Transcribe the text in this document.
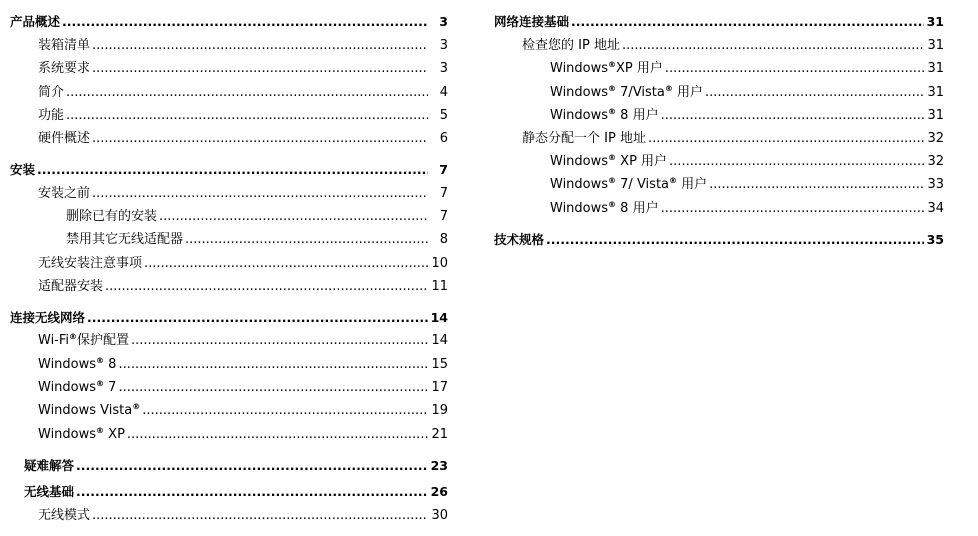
产品概述 .....	3
装箱清单 .....	3
系统要求 .....	3
简介 .....	4
功能 .....	5
硬件概述 .....	6
安装 .....	7
安装之前 .....	7
删除已有的安装 .....	7
禁用其它无线适配器 .....	8
无线安装注意事项 .....	10
适配器安装 .....	11
连接无线网络 .....	14
Wi-Fi®保护配置 .....	14
Windows® 8 .....	15
Windows® 7 .....	17
Windows Vista® .....	19
Windows® XP .....	21
疑难解答 .....	23
无线基础 .....	26
无线模式 .....	30
网络连接基础 .....	31
检查您的 IP 地址 .....	31
Windows®XP 用户 .....	31
Windows® 7/Vista® 用户 .....	31
Windows® 8 用户 .....	31
静态分配一个 IP 地址 .....	32
Windows® XP 用户 .....	32
Windows® 7/ Vista® 用户 .....	33
Windows® 8 用户 .....	34
技术规格 .....	35
